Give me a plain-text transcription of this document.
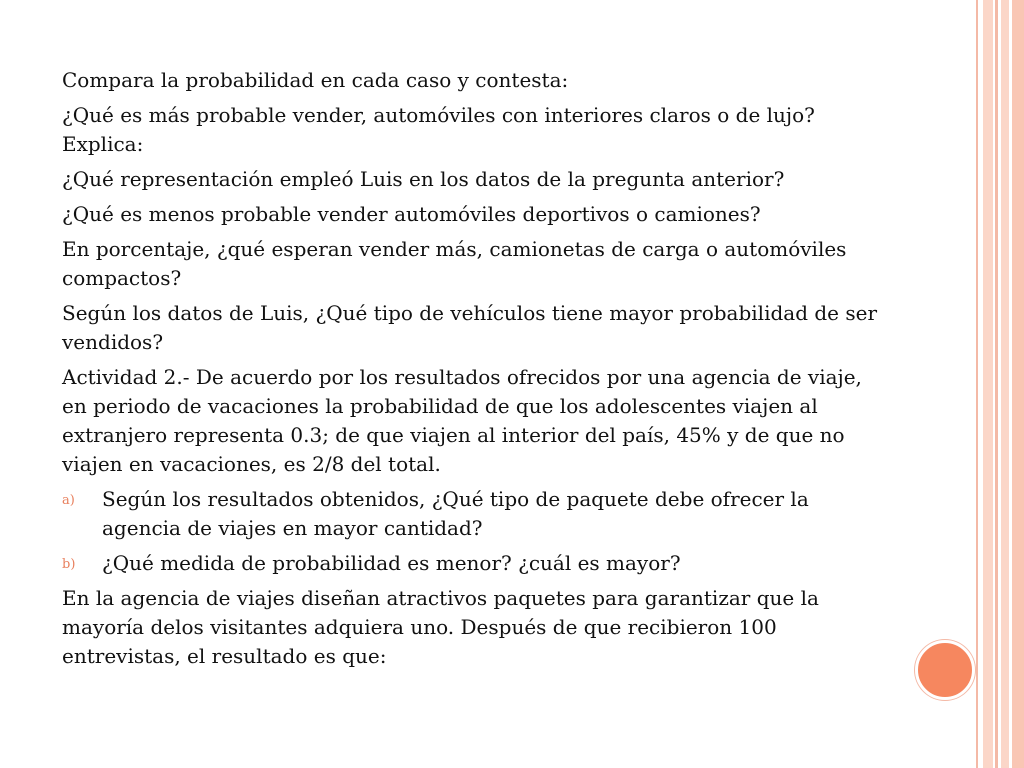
Compara la probabilidad en cada caso y contesta:

¿Qué es más probable vender, automóviles con interiores claros o de lujo? Explica:

¿Qué representación empleó Luis en los datos de la pregunta anterior?

¿Qué es menos probable vender automóviles deportivos o camiones?

En porcentaje, ¿qué esperan vender más, camionetas de carga o automóviles compactos?

Según los datos de Luis, ¿Qué tipo de vehículos tiene mayor probabilidad de ser vendidos?

Actividad 2.- De acuerdo por los resultados ofrecidos por una agencia de viaje, en periodo de vacaciones la probabilidad de que los adolescentes viajen al extranjero representa 0.3; de que viajen al interior del país, 45% y de que no viajen en vacaciones, es 2/8 del total.

a) Según los resultados obtenidos, ¿Qué tipo de paquete debe ofrecer la agencia de viajes en mayor cantidad?
b) ¿Qué medida de probabilidad es menor? ¿cuál es mayor?

En la agencia de viajes diseñan atractivos paquetes para garantizar que la mayoría delos visitantes adquiera uno. Después de que recibieron 100 entrevistas, el resultado es que:
